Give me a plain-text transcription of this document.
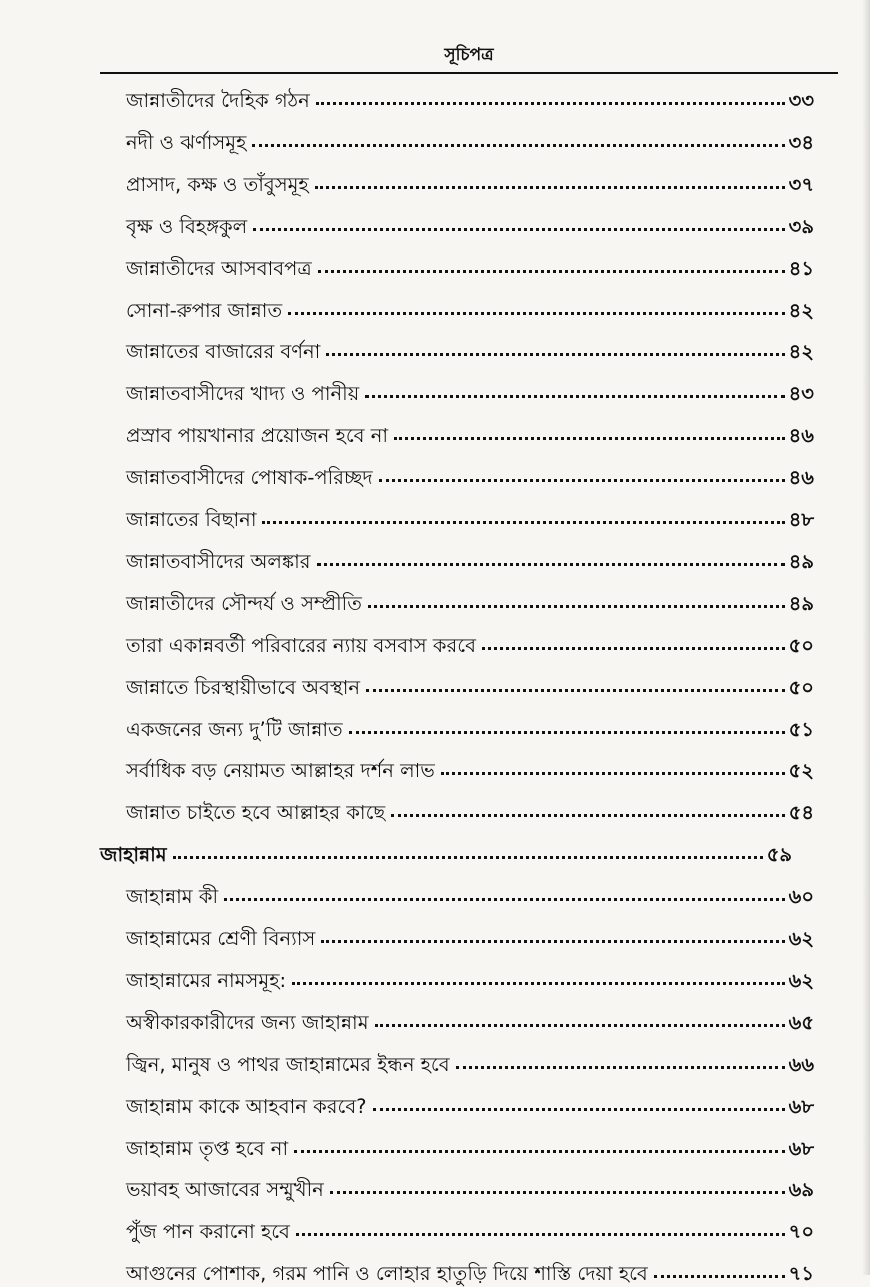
সূচিপত্র
জান্নাতীদের দৈহিক গঠন	৩৩
নদী ও ঝর্ণাসমূহ	৩৪
প্রাসাদ, কক্ষ ও তাঁবুসমূহ	৩৭
বৃক্ষ ও বিহঙ্গকুল	৩৯
জান্নাতীদের আসবাবপত্র	৪১
সোনা-রুপার জান্নাত	৪২
জান্নাতের বাজারের বর্ণনা	৪২
জান্নাতবাসীদের খাদ্য ও পানীয়	৪৩
প্রস্রাব পায়খানার প্রয়োজন হবে না	৪৬
জান্নাতবাসীদের পোষাক-পরিচ্ছদ	৪৬
জান্নাতের বিছানা	৪৮
জান্নাতবাসীদের অলঙ্কার	৪৯
জান্নাতীদের সৌন্দর্য ও সম্প্রীতি	৪৯
তারা একান্নবর্তী পরিবারের ন্যায় বসবাস করবে	৫০
জান্নাতে চিরস্থায়ীভাবে অবস্থান	৫০
একজনের জন্য দু’টি জান্নাত	৫১
সর্বাধিক বড় নেয়ামত আল্লাহর দর্শন লাভ	৫২
জান্নাত চাইতে হবে আল্লাহর কাছে	৫৪
জাহান্নাম	৫৯
জাহান্নাম কী	৬০
জাহান্নামের শ্রেণী বিন্যাস	৬২
জাহান্নামের নামসমূহ:	৬২
অস্বীকারকারীদের জন্য জাহান্নাম	৬৫
জ্বিন, মানুষ ও পাথর জাহান্নামের ইন্ধন হবে	৬৬
জাহান্নাম কাকে আহবান করবে?	৬৮
জাহান্নাম তৃপ্ত হবে না	৬৮
ভয়াবহ আজাবের সম্মুখীন	৬৯
পুঁজ পান করানো হবে	৭০
আগুনের পোশাক, গরম পানি ও লোহার হাতুড়ি দিয়ে শাস্তি দেয়া হবে	৭১
